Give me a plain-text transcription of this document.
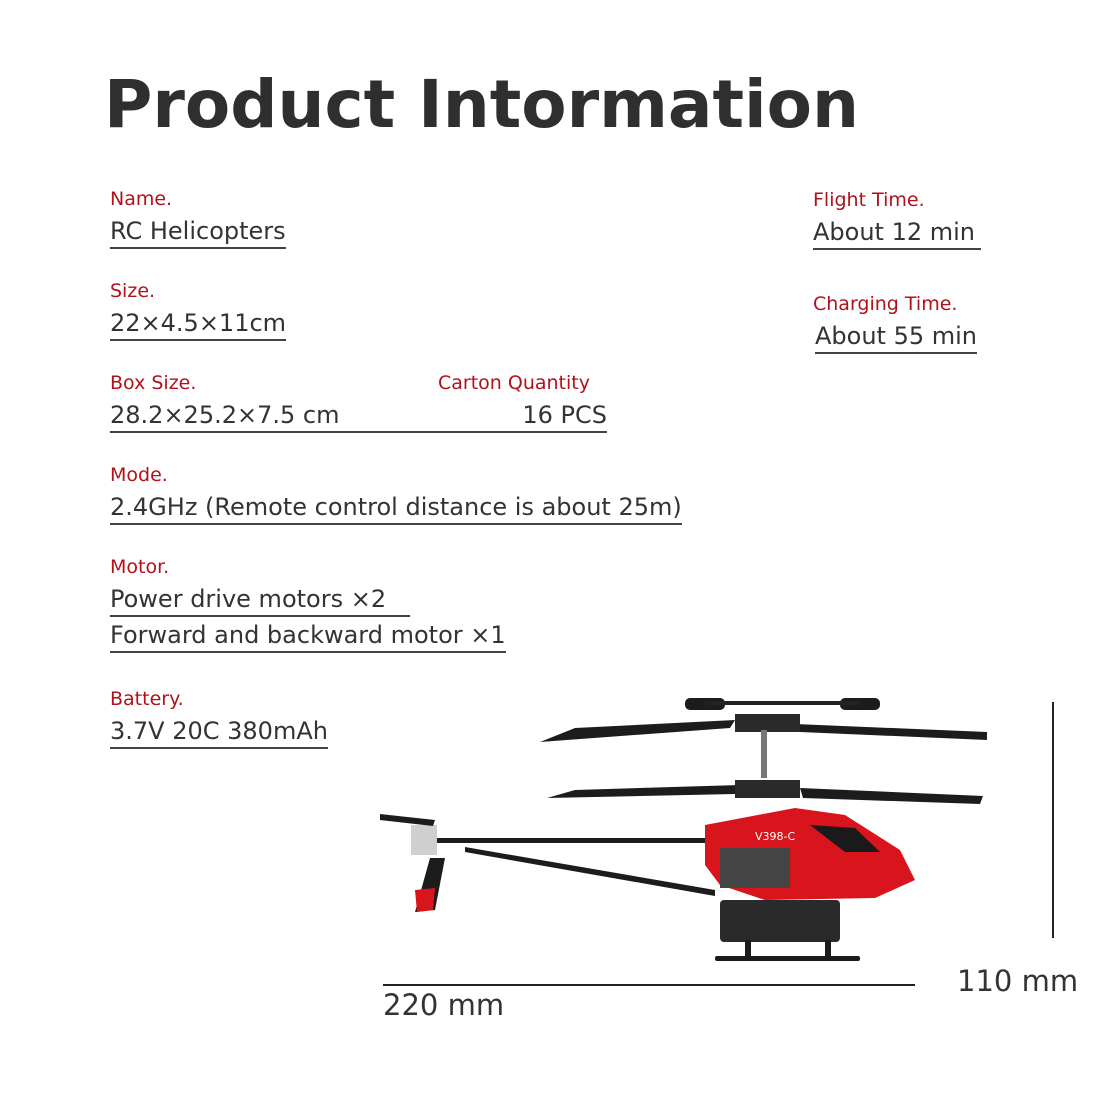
Product Intormation
Name.
RC Helicopters
Size.
22×4.5×11cm
Box Size.	Carton Quantity
28.2×25.2×7.5 cm	16 PCS
Mode.
2.4GHz (Remote control distance is about 25m)
Motor.
Power drive motors ×2
Forward and backward motor ×1
Battery.
3.7V 20C 380mAh
Flight Time.
About 12 min
Charging Time.
About 55 min
220 mm
110 mm
V398-C
